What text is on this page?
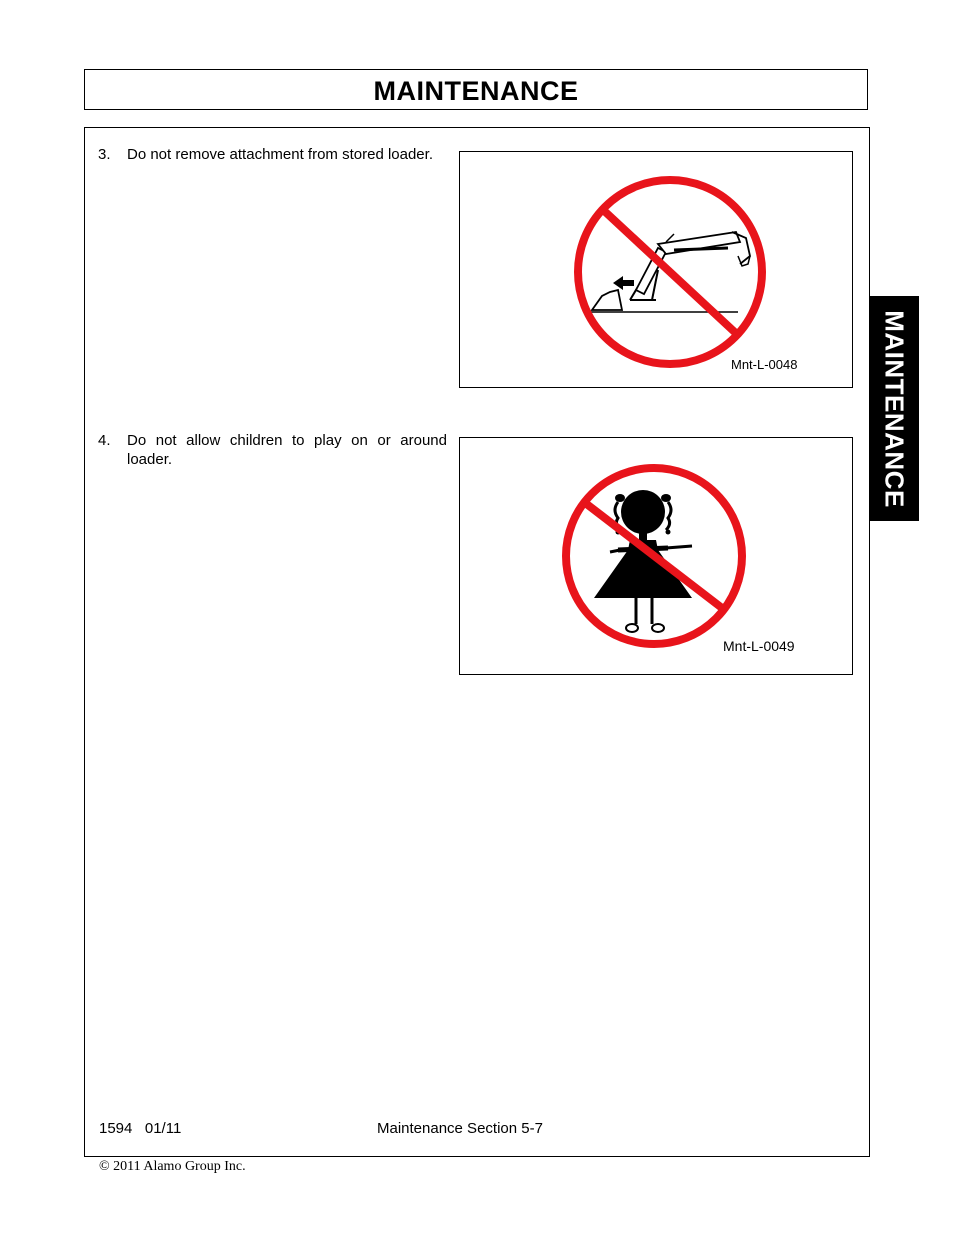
MAINTENANCE
MAINTENANCE
3. Do not remove attachment from stored loader.
Mnt-L-0048
4. Do not allow children to play on or around loader.
Mnt-L-0049
1594   01/11	Maintenance Section 5-7
© 2011 Alamo Group Inc.
